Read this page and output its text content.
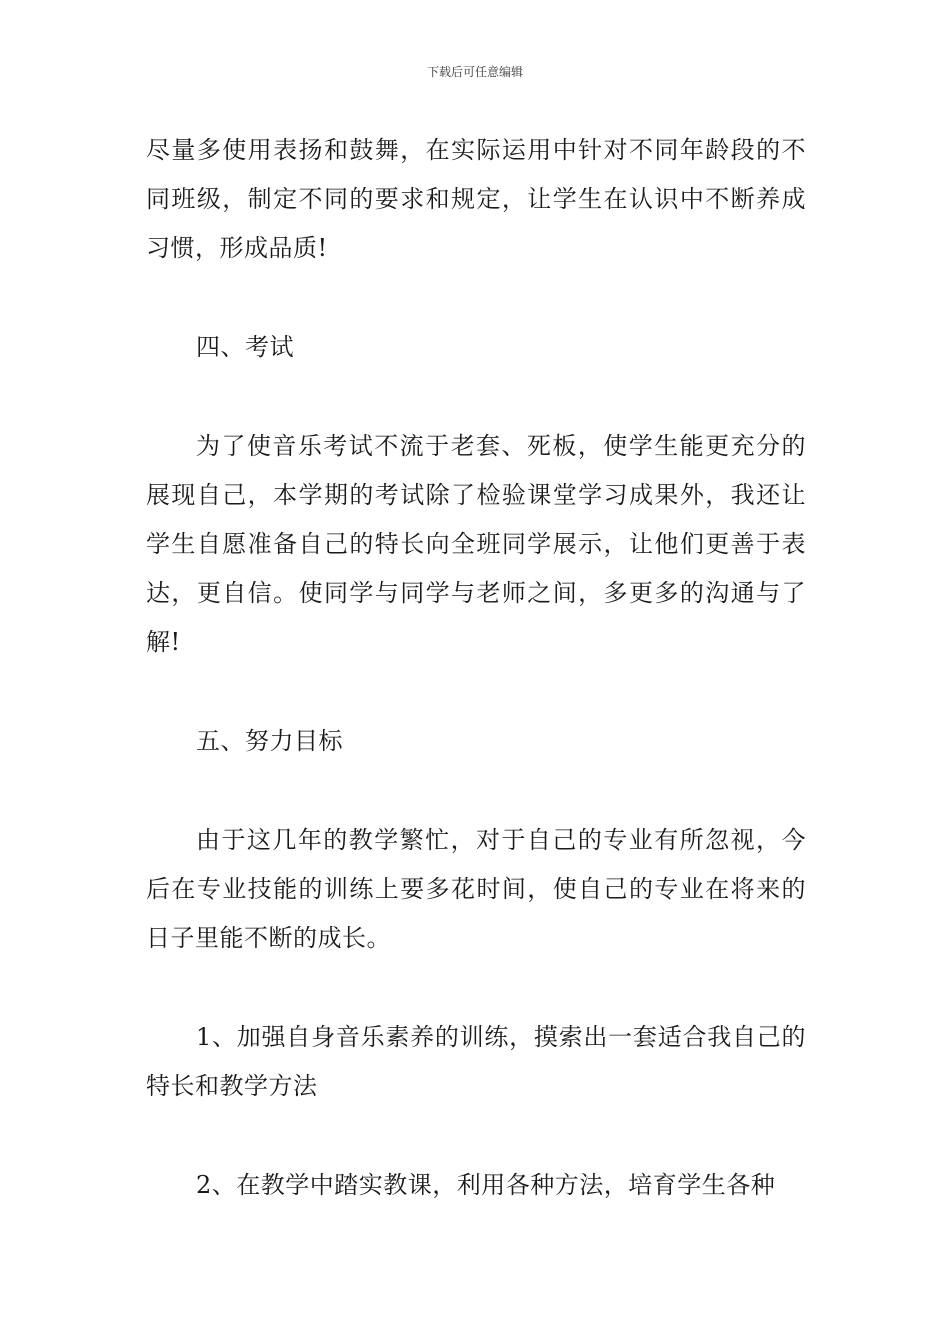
下载后可任意编辑

尽量多使用表扬和鼓舞，在实际运用中针对不同年龄段的不同班级，制定不同的要求和规定，让学生在认识中不断养成习惯，形成品质!

四、考试

为了使音乐考试不流于老套、死板，使学生能更充分的展现自己，本学期的考试除了检验课堂学习成果外，我还让学生自愿准备自己的特长向全班同学展示，让他们更善于表达，更自信。使同学与同学与老师之间，多更多的沟通与了解!

五、努力目标

由于这几年的教学繁忙，对于自己的专业有所忽视，今后在专业技能的训练上要多花时间，使自己的专业在将来的日子里能不断的成长。

1、加强自身音乐素养的训练，摸索出一套适合我自己的特长和教学方法

2、在教学中踏实教课，利用各种方法，培育学生各种
